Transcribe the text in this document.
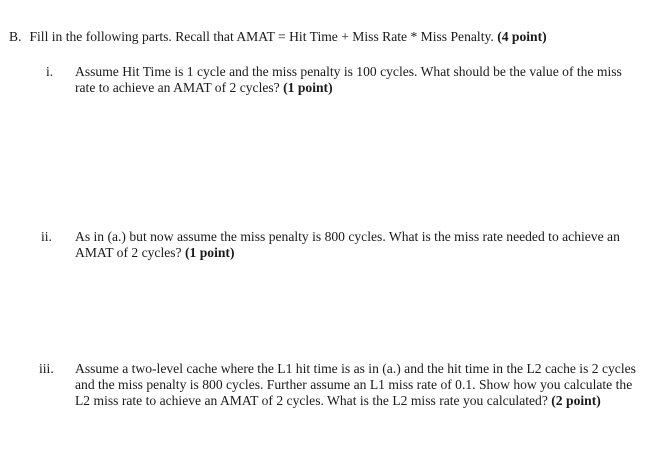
B. Fill in the following parts. Recall that AMAT = Hit Time + Miss Rate * Miss Penalty. (4 point)
i. Assume Hit Time is 1 cycle and the miss penalty is 100 cycles. What should be the value of the miss rate to achieve an AMAT of 2 cycles? (1 point)
ii. As in (a.) but now assume the miss penalty is 800 cycles. What is the miss rate needed to achieve an AMAT of 2 cycles? (1 point)
iii. Assume a two-level cache where the L1 hit time is as in (a.) and the hit time in the L2 cache is 2 cycles and the miss penalty is 800 cycles. Further assume an L1 miss rate of 0.1. Show how you calculate the L2 miss rate to achieve an AMAT of 2 cycles. What is the L2 miss rate you calculated? (2 point)
